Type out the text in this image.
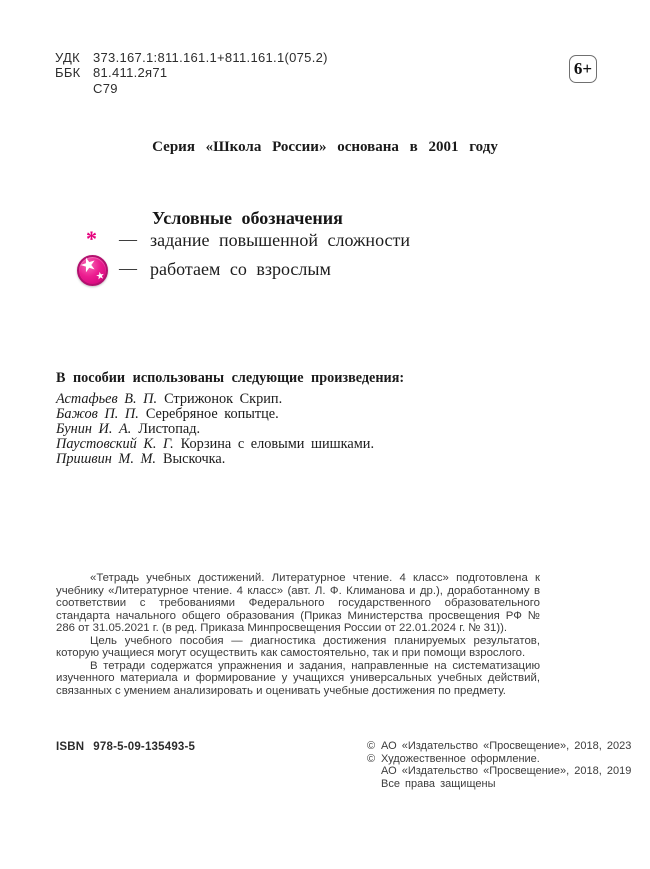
УДК	373.167.1:811.161.1+811.161.1(075.2)
ББК 81.411.2я71
С79
6+
Серия «Школа России» основана в 2001 году
Условные обозначения
* — задание повышенной сложности
★
★ — работаем со взрослым
В пособии использованы следующие произведения:
Астафьев В. П. Стрижонок Скрип.
Бажов П. П. Серебряное копытце.
Бунин И. А. Листопад.
Паустовский К. Г. Корзина с еловыми шишками.
Пришвин М. М. Выскочка.

«Тетрадь учебных достижений. Литературное чтение. 4 класс» подготовлена к учебнику «Литературное чтение. 4 класс» (авт. Л. Ф. Климанова и др.), доработанному в соответствии с требованиями Федерального государственного образовательного стандарта начального общего образования (Приказ Министерства просвещения РФ № 286 от 31.05.2021 г. (в ред. Приказа Минпросвещения России от 22.01.2024 г. № 31)).

Цель учебного пособия — диагностика достижения планируемых результатов, которую учащиеся могут осуществить как самостоятельно, так и при помощи взрослого.

В тетради содержатся упражнения и задания, направленные на систематизацию изученного материала и формирование у учащихся универсальных учебных действий, связанных с умением анализировать и оценивать учебные достижения по предмету.

ISBN 978-5-09-135493-5	© АО «Издательство «Просвещение», 2018, 2023
© Художественное оформление.
АО «Издательство «Просвещение», 2018, 2019
Все права защищены
